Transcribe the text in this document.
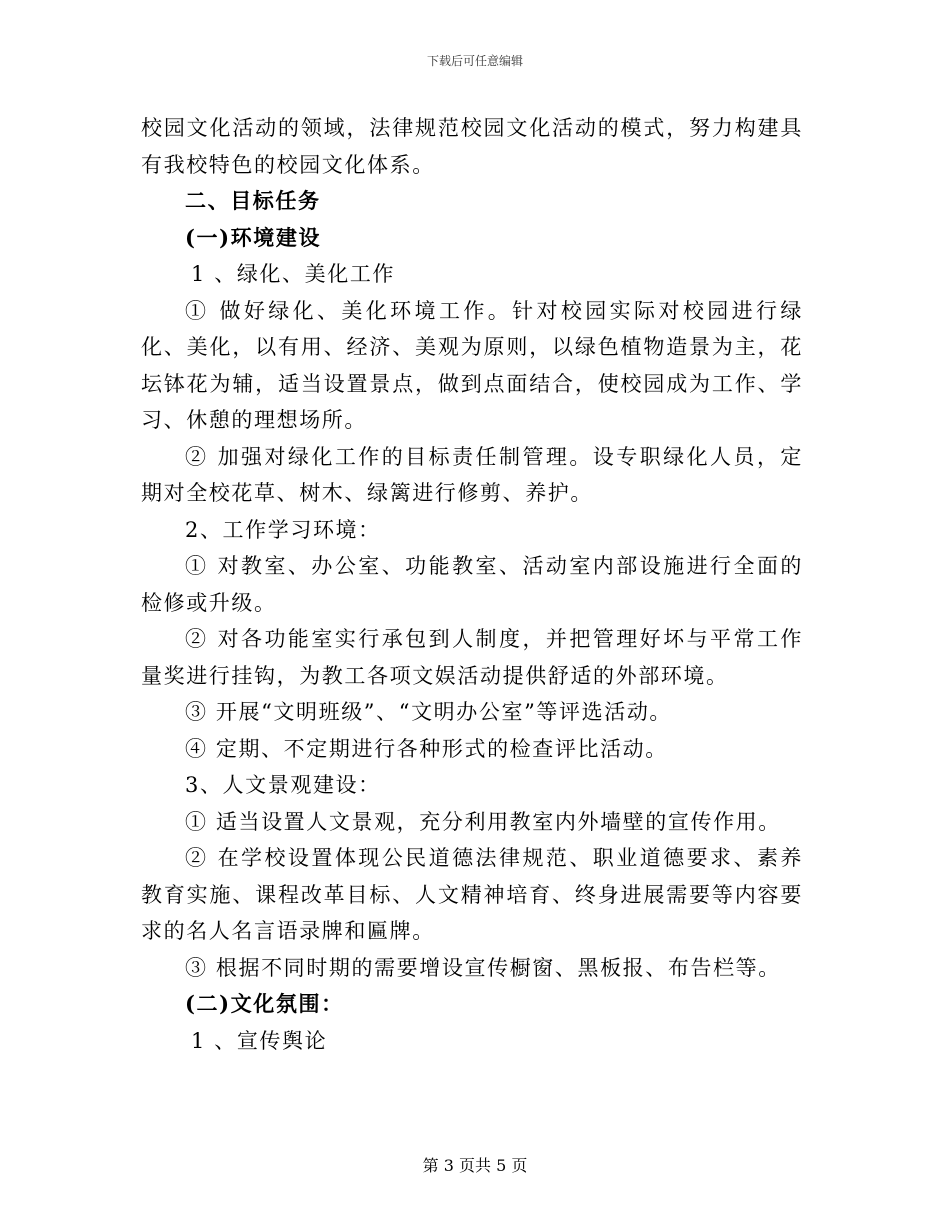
下载后可任意编辑

校园文化活动的领域，法律规范校园文化活动的模式，努力构建具有我校特色的校园文化体系。

二、目标任务

(一)环境建设

1 、绿化、美化工作

① 做好绿化、美化环境工作。针对校园实际对校园进行绿化、美化，以有用、经济、美观为原则，以绿色植物造景为主，花坛钵花为辅，适当设置景点，做到点面结合，使校园成为工作、学习、休憩的理想场所。

② 加强对绿化工作的目标责任制管理。设专职绿化人员，定期对全校花草、树木、绿篱进行修剪、养护。

2、工作学习环境：

① 对教室、办公室、功能教室、活动室内部设施进行全面的检修或升级。

② 对各功能室实行承包到人制度，并把管理好坏与平常工作量奖进行挂钩，为教工各项文娱活动提供舒适的外部环境。

③ 开展“文明班级”、“文明办公室”等评选活动。

④ 定期、不定期进行各种形式的检查评比活动。

3、人文景观建设：

① 适当设置人文景观，充分利用教室内外墙壁的宣传作用。

② 在学校设置体现公民道德法律规范、职业道德要求、素养教育实施、课程改革目标、人文精神培育、终身进展需要等内容要求的名人名言语录牌和匾牌。

③ 根据不同时期的需要增设宣传橱窗、黑板报、布告栏等。

(二)文化氛围：

1 、宣传舆论

第 3 页共 5 页
